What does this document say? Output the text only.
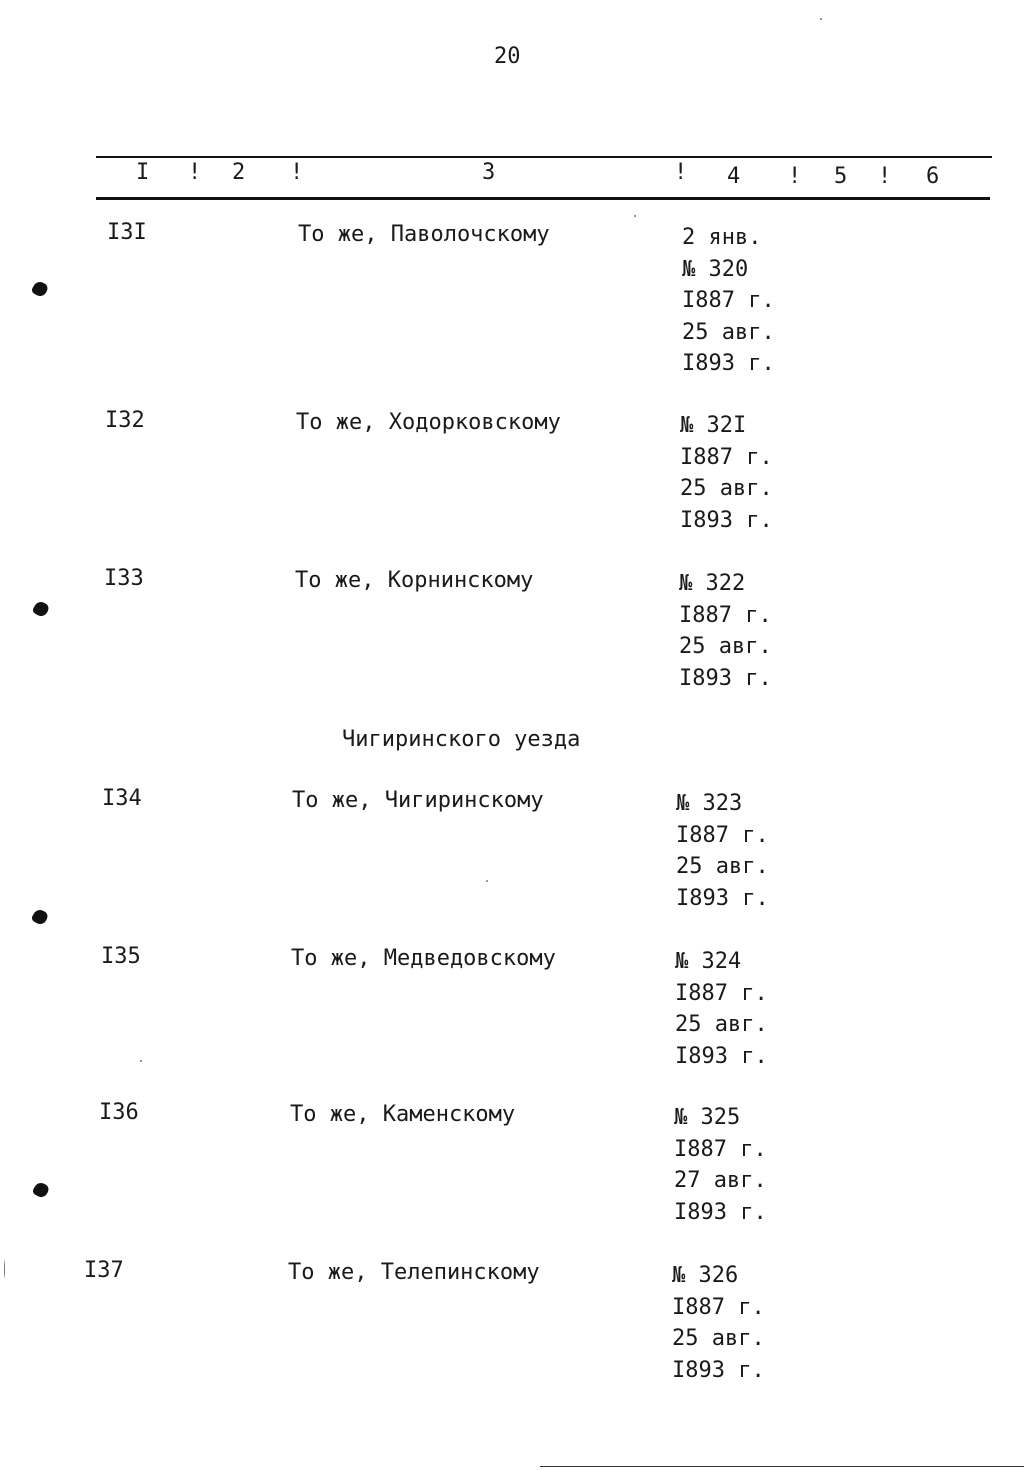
20
I ! 2 !	3	! 4 ! 5 ! 6
I3I	То же, Паволочскому	2 янв.
№ 320
I887 г.
25 авг.
I893 г.
I32	То же, Ходорковскому	№ 32I
I887 г.
25 авг.
I893 г.
I33	То же, Корнинскому	№ 322
I887 г.
25 авг.
I893 г.
Чигиринского уезда
I34	То же, Чигиринскому	№ 323
I887 г.
25 авг.
I893 г.
I35	То же, Медведовскому	№ 324
I887 г.
25 авг.
I893 г.
I36	То же, Каменскому	№ 325
I887 г.
27 авг.
I893 г.
I37	То же, Телепинскому	№ 326
I887 г.
25 авг.
I893 г.
